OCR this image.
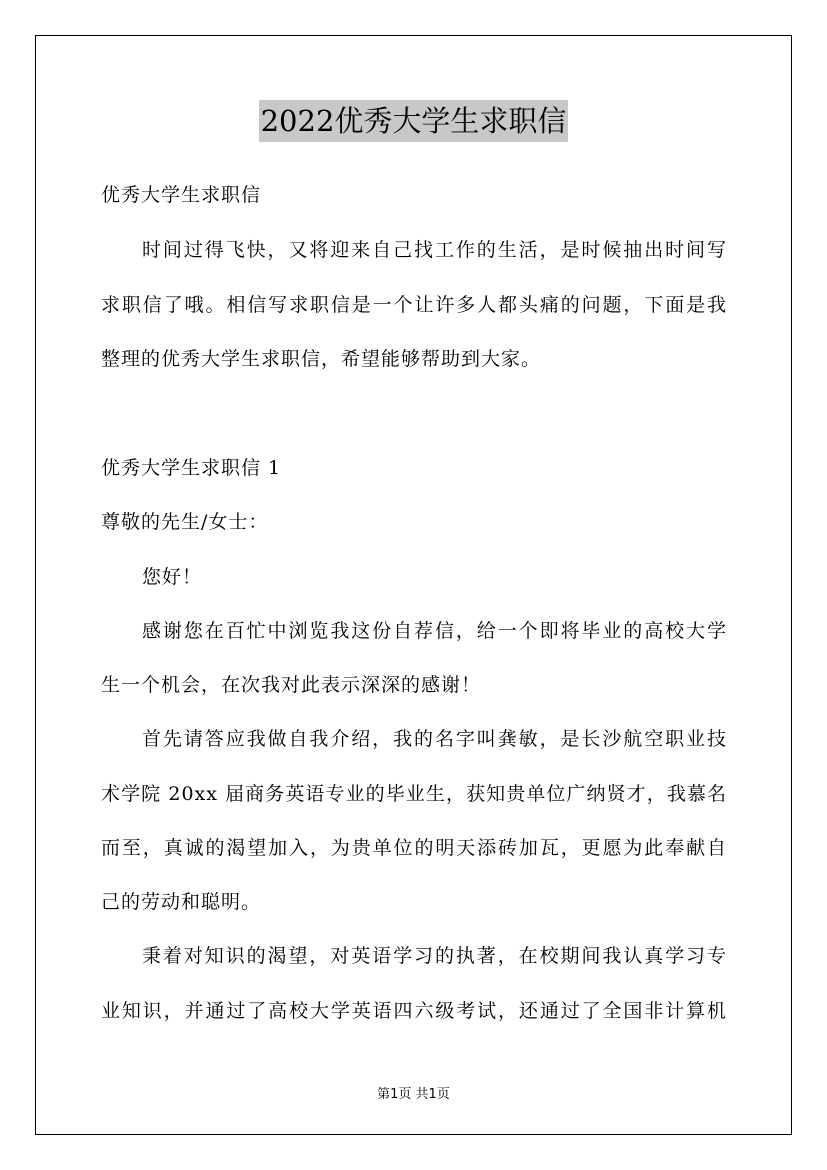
2022优秀大学生求职信
优秀大学生求职信
时间过得飞快，又将迎来自己找工作的生活，是时候抽出时间写
求职信了哦。相信写求职信是一个让许多人都头痛的问题，下面是我
整理的优秀大学生求职信，希望能够帮助到大家。
优秀大学生求职信 1
尊敬的先生/女士：
您好！
感谢您在百忙中浏览我这份自荐信，给一个即将毕业的高校大学
生一个机会，在次我对此表示深深的感谢！
首先请答应我做自我介绍，我的名字叫龚敏，是长沙航空职业技
术学院 20xx 届商务英语专业的毕业生，获知贵单位广纳贤才，我慕名
而至，真诚的渴望加入，为贵单位的明天添砖加瓦，更愿为此奉献自
己的劳动和聪明。
秉着对知识的渴望，对英语学习的执著，在校期间我认真学习专
业知识，并通过了高校大学英语四六级考试，还通过了全国非计算机
第1页 共1页
